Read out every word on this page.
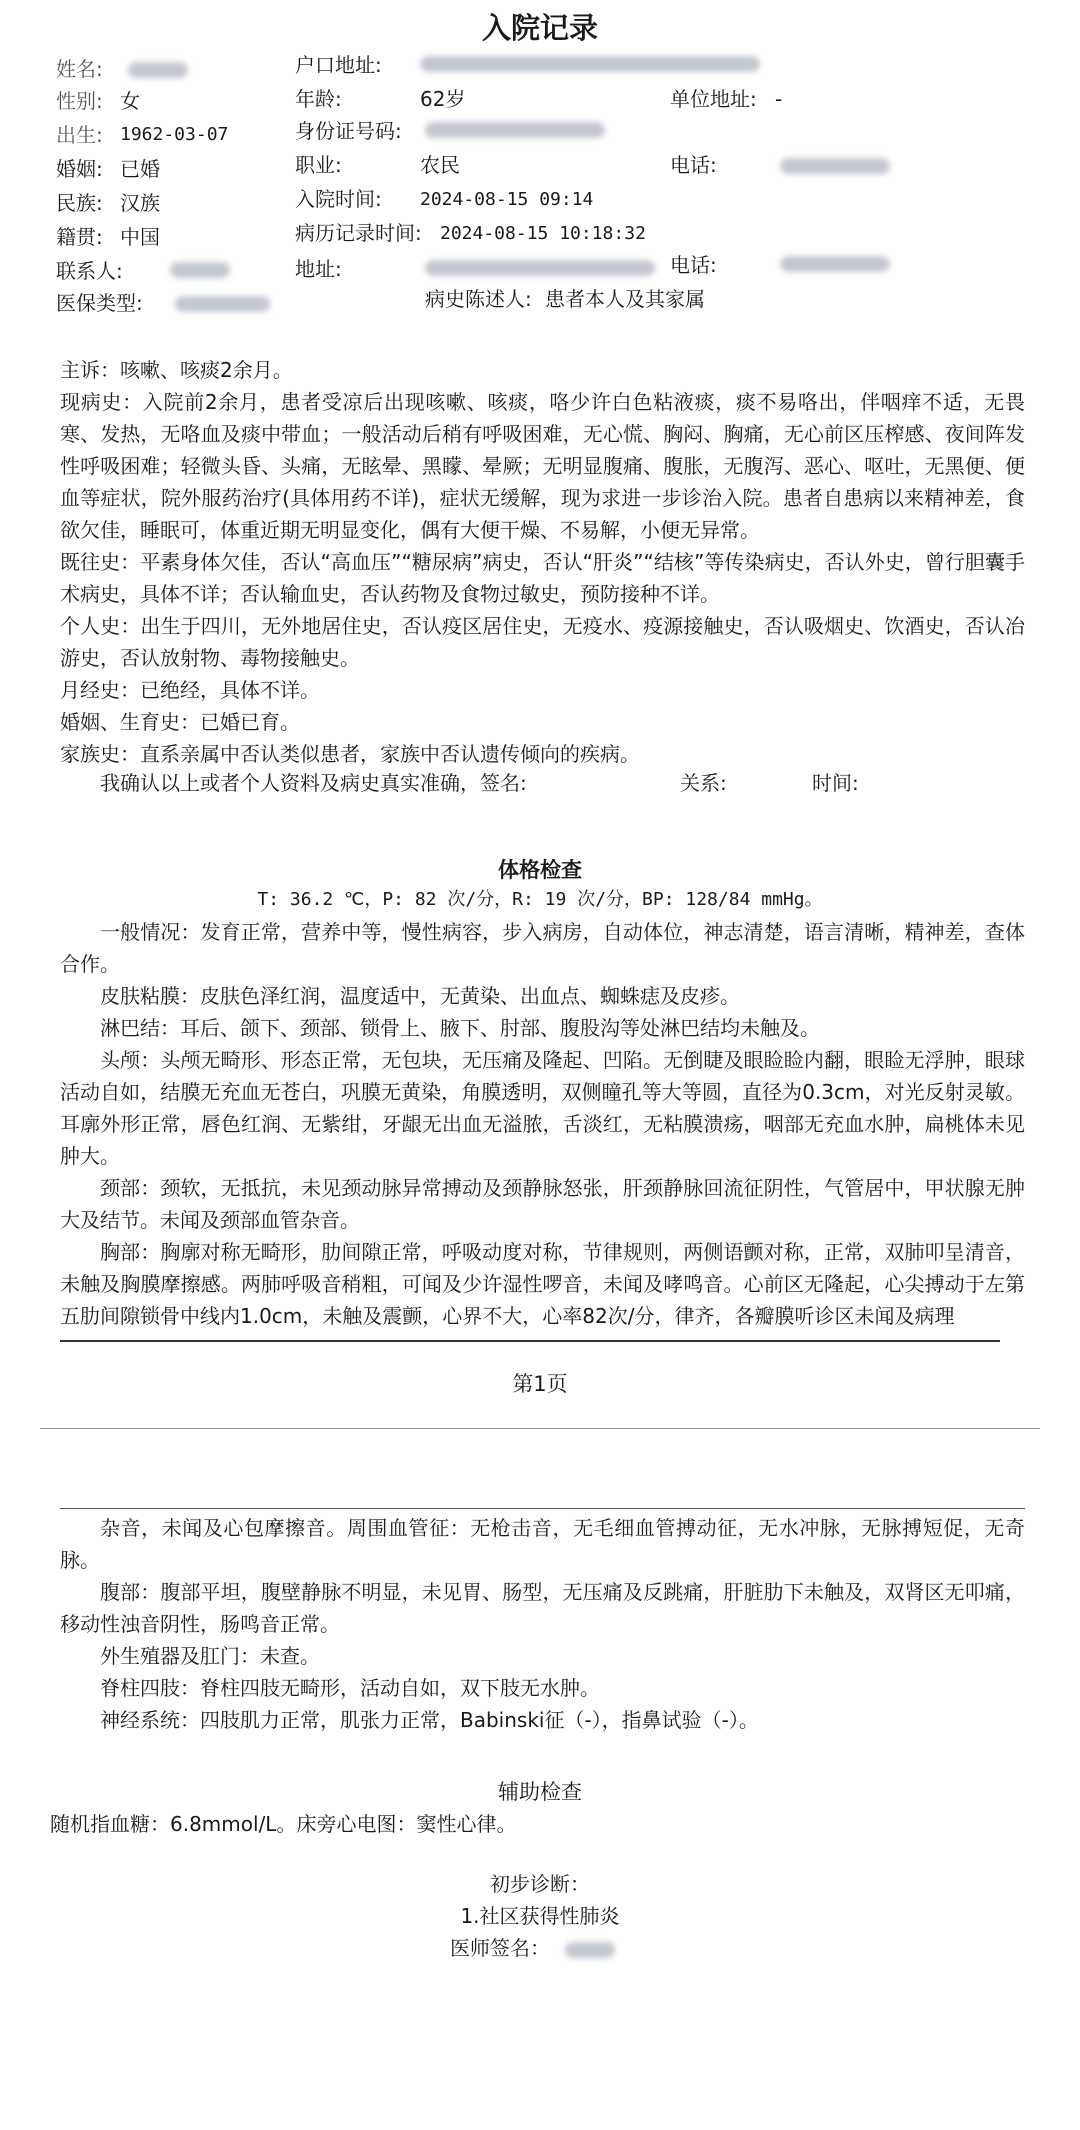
入院记录
姓名:	户口地址:
性别: 女	年龄:	62岁	单位地址: -
出生: 1962-03-07	身份证号码:
婚姻: 已婚	职业:	农民	电话:
民族: 汉族	入院时间: 2024-08-15 09:14
籍贯: 中国	病历记录时间: 2024-08-15 10:18:32
联系人:	地址:	电话:
医保类型:	病史陈述人: 患者本人及其家属
主诉：咳嗽、咳痰2余月。
现病史：入院前2余月，患者受凉后出现咳嗽、咳痰，咯少许白色粘液痰，痰不易咯出，伴咽痒不适，无畏寒、发热，无咯血及痰中带血；一般活动后稍有呼吸困难，无心慌、胸闷、胸痛，无心前区压榨感、夜间阵发性呼吸困难；轻微头昏、头痛，无眩晕、黑矇、晕厥；无明显腹痛、腹胀，无腹泻、恶心、呕吐，无黑便、便血等症状，院外服药治疗(具体用药不详)，症状无缓解，现为求进一步诊治入院。患者自患病以来精神差，食欲欠佳，睡眠可，体重近期无明显变化，偶有大便干燥、不易解，小便无异常。
既往史：平素身体欠佳，否认“高血压”“糖尿病”病史，否认“肝炎”“结核”等传染病史，否认外史，曾行胆囊手术病史，具体不详；否认输血史，否认药物及食物过敏史，预防接种不详。
个人史：出生于四川，无外地居住史，否认疫区居住史，无疫水、疫源接触史，否认吸烟史、饮酒史，否认冶游史，否认放射物、毒物接触史。
月经史：已绝经，具体不详。
婚姻、生育史：已婚已育。
家族史：直系亲属中否认类似患者，家族中否认遗传倾向的疾病。
我确认以上或者个人资料及病史真实准确，签名:	关系:	时间:
体格检查
T: 36.2 ℃，P: 82 次/分，R: 19 次/分，BP: 128/84 mmHg。
一般情况：发育正常，营养中等，慢性病容，步入病房，自动体位，神志清楚，语言清晰，精神差，查体合作。
皮肤粘膜：皮肤色泽红润，温度适中，无黄染、出血点、蜘蛛痣及皮疹。
淋巴结：耳后、颌下、颈部、锁骨上、腋下、肘部、腹股沟等处淋巴结均未触及。
头颅：头颅无畸形、形态正常，无包块，无压痛及隆起、凹陷。无倒睫及眼睑睑内翻，眼睑无浮肿，眼球活动自如，结膜无充血无苍白，巩膜无黄染，角膜透明，双侧瞳孔等大等圆，直径为0.3cm，对光反射灵敏。耳廓外形正常，唇色红润、无紫绀，牙龈无出血无溢脓，舌淡红，无粘膜溃疡，咽部无充血水肿，扁桃体未见肿大。
颈部：颈软，无抵抗，未见颈动脉异常搏动及颈静脉怒张，肝颈静脉回流征阴性，气管居中，甲状腺无肿大及结节。未闻及颈部血管杂音。
胸部：胸廓对称无畸形，肋间隙正常，呼吸动度对称，节律规则，两侧语颤对称，正常，双肺叩呈清音，未触及胸膜摩擦感。两肺呼吸音稍粗，可闻及少许湿性啰音，未闻及哮鸣音。心前区无隆起，心尖搏动于左第五肋间隙锁骨中线内1.0cm，未触及震颤，心界不大，心率82次/分，律齐，各瓣膜听诊区未闻及病理
第1页
杂音，未闻及心包摩擦音。周围血管征：无枪击音，无毛细血管搏动征，无水冲脉，无脉搏短促，无奇脉。
腹部：腹部平坦，腹壁静脉不明显，未见胃、肠型，无压痛及反跳痛，肝脏肋下未触及，双肾区无叩痛，移动性浊音阴性，肠鸣音正常。
外生殖器及肛门：未查。
脊柱四肢：脊柱四肢无畸形，活动自如，双下肢无水肿。
神经系统：四肢肌力正常，肌张力正常，Babinski征（-），指鼻试验（-）。
辅助检查
随机指血糖：6.8mmol/L。床旁心电图：窦性心律。
初步诊断：
1.社区获得性肺炎
医师签名：
